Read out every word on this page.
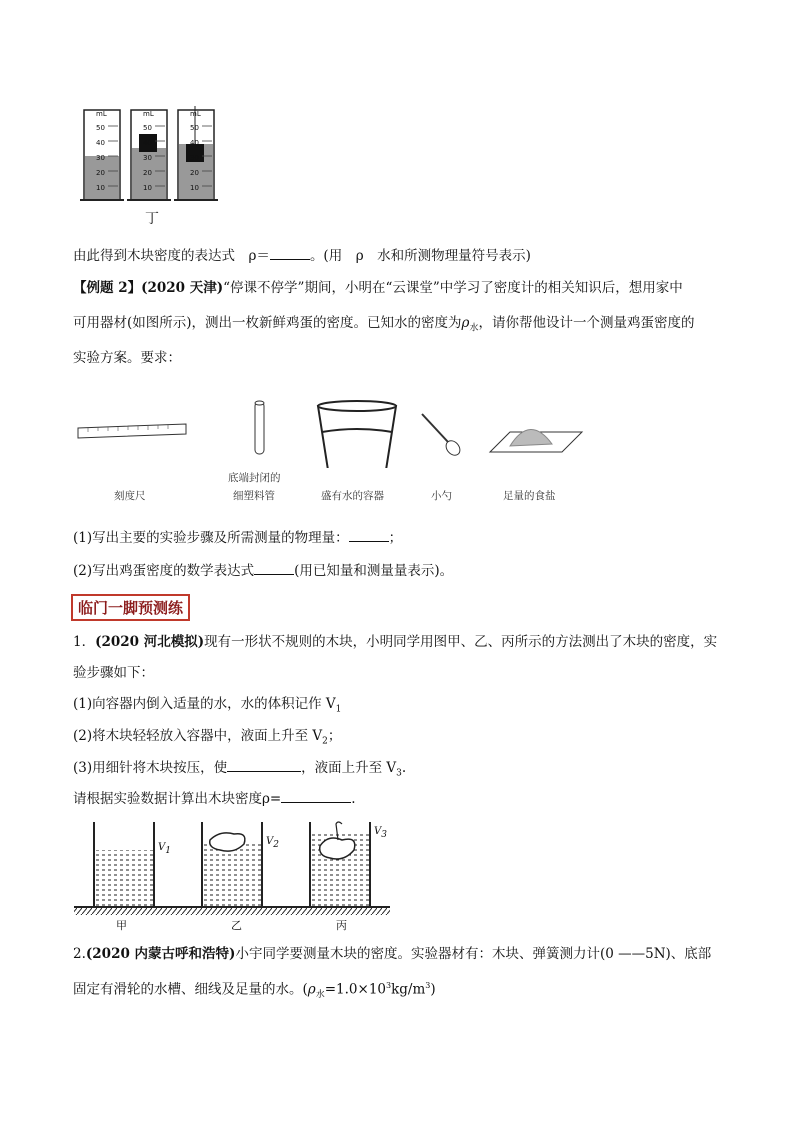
mL	mL	mL
50
40
30
20
10
50
40
30
20
10
50
40
30
20
10
丁
由此得到木块密度的表达式　ρ＝	。(用　ρ　水和所测物理量符号表示)
【例题 2】(2020 天津)“停课不停学”期间，小明在“云课堂”中学习了密度计的相关知识后，想用家中
可用器材(如图所示)，测出一枚新鲜鸡蛋的密度。已知水的密度为$\rho_水$，请你帮他设计一个测量鸡蛋密度的
实验方案。要求：
刻度尺
底端封闭的
细塑料管	盛有水的容器	小勺	足量的食盐
(1)写出主要的实验步骤及所需测量的物理量：	；
(2)写出鸡蛋密度的数学表达式	(用已知量和测量量表示)。
临门一脚预测练
1．(2020 河北模拟)现有一形状不规则的木块，小明同学用图甲、乙、丙所示的方法测出了木块的密度，实
验步骤如下：
(1)向容器内倒入适量的水，水的体积记作 $V_1$
(2)将木块轻轻放入容器中，液面上升至 $V_2$；
(3)用细针将木块按压，使	，液面上升至 $V_3$.
请根据实验数据计算出木块密度ρ=	.
$V_1$
$V_2$
$V_3$
甲	乙	丙
2.(2020 内蒙古呼和浩特)小宇同学要测量木块的密度。实验器材有：木块、弹簧测力计(0 ——5N)、底部
固定有滑轮的水槽、细线及足量的水。$(\rho_水=1.0\times 10^3kg/m^3)$
